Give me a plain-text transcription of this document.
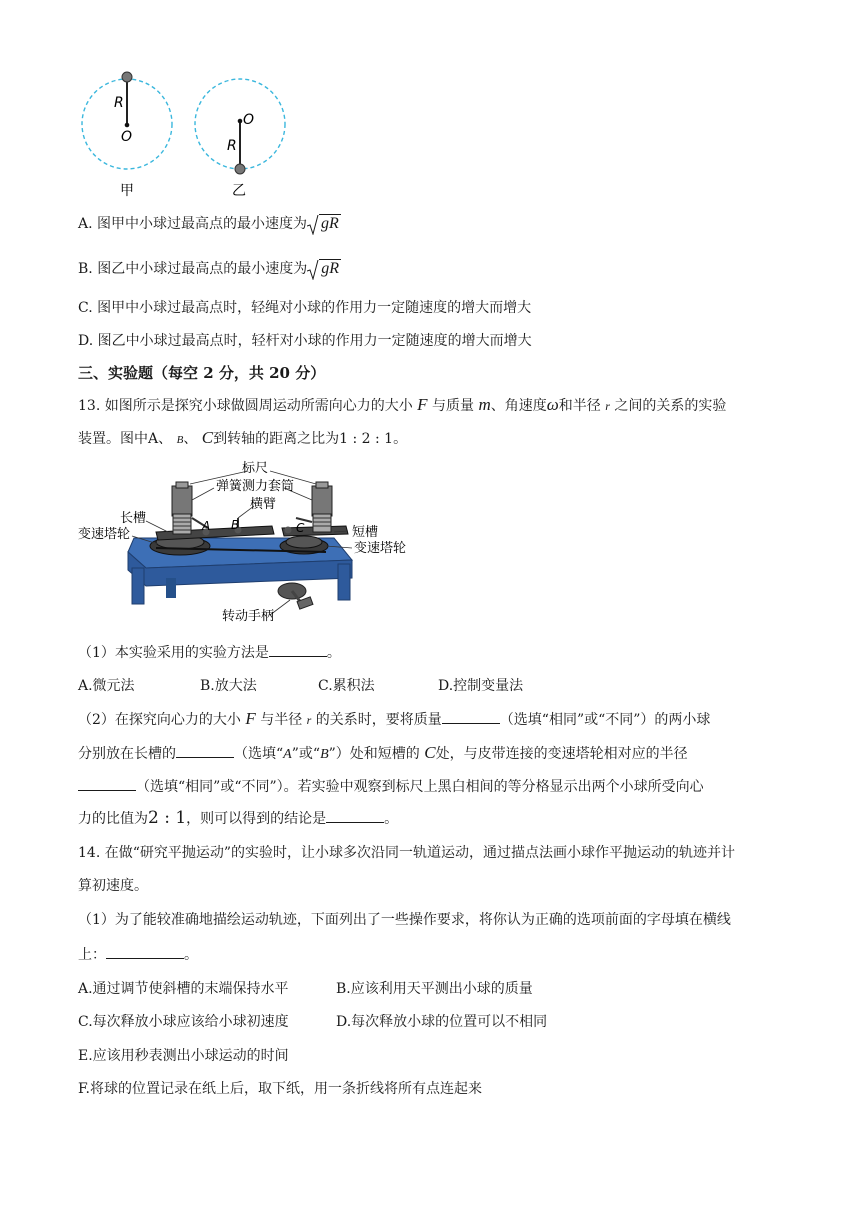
R
O
甲
O
R
乙
A. 图甲中小球过最高点的最小速度为 gR
B. 图乙中小球过最高点的最小速度为 gR
C. 图甲中小球过最高点时，轻绳对小球的作用力一定随速度的增大而增大
D. 图乙中小球过最高点时，轻杆对小球的作用力一定随速度的增大而增大
三、实验题（每空 2 分，共 20 分）
13. 如图所示是探究小球做圆周运动所需向心力的大小 F 与质量 m、角速度ω和半径 r 之间的关系的实验
装置。图中A、 B、 C到转轴的距离之比为1 : 2 : 1。
A B	C
标尺
弹簧测力套筒
横臂
长槽
变速塔轮	短槽
变速塔轮
转动手柄
（1）本实验采用的实验方法是	。
A.微元法	B.放大法	C.累积法	D.控制变量法
（2）在探究向心力的大小 F 与半径 r 的关系时，要将质量	（选填“相同”或“不同”）的两小球
分别放在长槽的	（选填“A”或“B”）处和短槽的 C处，与皮带连接的变速塔轮相对应的半径
（选填“相同”或“不同”）。若实验中观察到标尺上黑白相间的等分格显示出两个小球所受向心
力的比值为2 : 1，则可以得到的结论是	。
14. 在做“研究平抛运动”的实验时，让小球多次沿同一轨道运动，通过描点法画小球作平抛运动的轨迹并计
算初速度。
（1）为了能较准确地描绘运动轨迹，下面列出了一些操作要求，将你认为正确的选项前面的字母填在横线
上：	。
A.通过调节使斜槽的末端保持水平	B.应该利用天平测出小球的质量
C.每次释放小球应该给小球初速度	D.每次释放小球的位置可以不相同
E.应该用秒表测出小球运动的时间
F.将球的位置记录在纸上后，取下纸，用一条折线将所有点连起来
